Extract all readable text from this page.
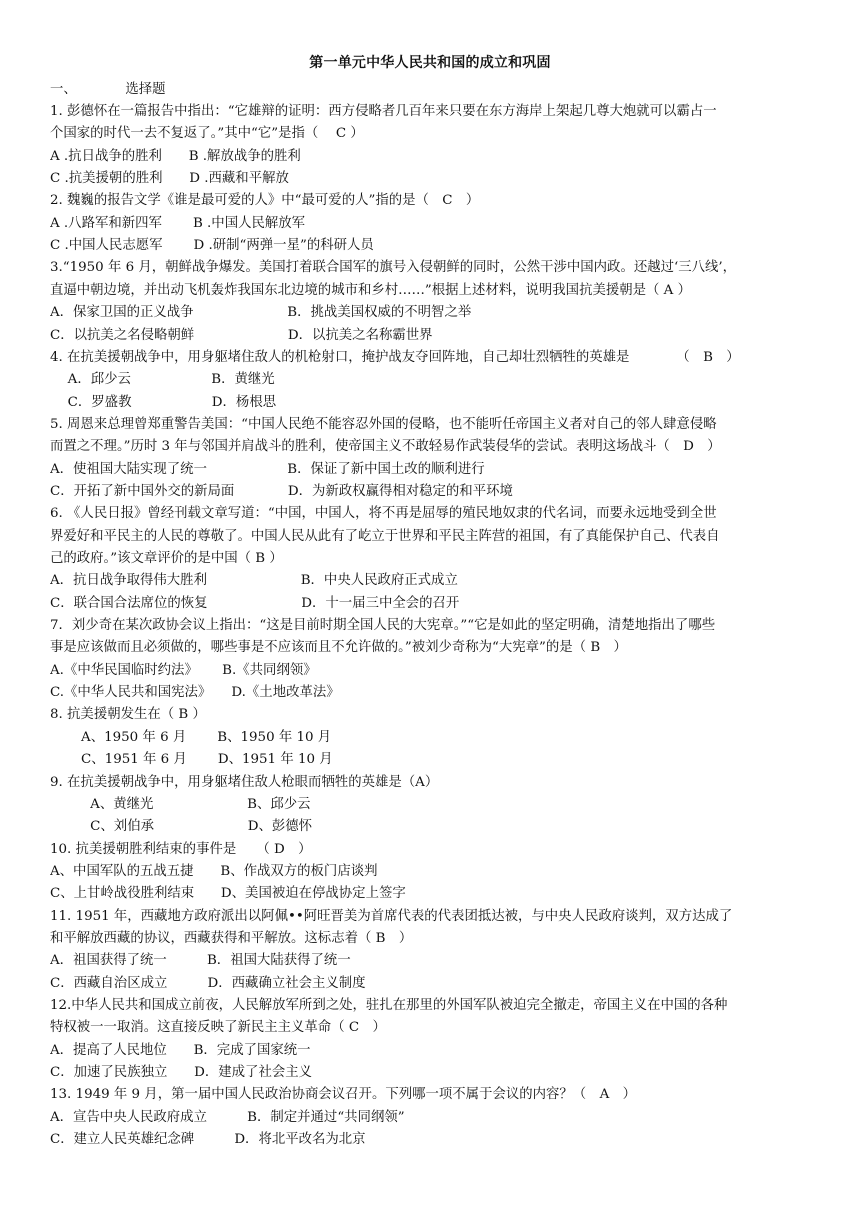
第一单元中华人民共和国的成立和巩固
一、	选择题
1. 彭德怀在一篇报告中指出：“它雄辩的证明：西方侵略者几百年来只要在东方海岸上架起几尊大炮就可以霸占一
个国家的时代一去不复返了。”其中“它”是指（　 C ）
A .抗日战争的胜利　　B .解放战争的胜利
C .抗美援朝的胜利　　D .西藏和平解放
2. 魏巍的报告文学《谁是最可爱的人》中“最可爱的人”指的是（　C　）
A .八路军和新四军　　 B .中国人民解放军
C .中国人民志愿军　　 D .研制“两弹一星”的科研人员
3.“1950 年 6 月，朝鲜战争爆发。美国打着联合国军的旗号入侵朝鲜的同时，公然干涉中国内政。还越过‘三八线’，
直逼中朝边境，并出动飞机轰炸我国东北边境的城市和乡村……”根据上述材料，说明我国抗美援朝是（ A ）
A．保家卫国的正义战争　　　　　　　B．挑战美国权威的不明智之举
C．以抗美之名侵略朝鲜　　　　　　　D．以抗美之名称霸世界
4. 在抗美援朝战争中，用身躯堵住敌人的机枪射口，掩护战友夺回阵地，自己却壮烈牺牲的英雄是　　　　（　B　）
　 A．邱少云　　　　　　B．黄继光
　 C．罗盛教　　　　　　D．杨根思
5. 周恩来总理曾郑重警告美国：“中国人民绝不能容忍外国的侵略，也不能听任帝国主义者对自己的邻人肆意侵略
而置之不理。”历时 3 年与邻国并肩战斗的胜利，使帝国主义不敢轻易作武装侵华的尝试。表明这场战斗（　D　）
A．使祖国大陆实现了统一　　　　　　B．保证了新中国土改的顺利进行
C．开拓了新中国外交的新局面　　　　D．为新政权赢得相对稳定的和平环境
6. 《人民日报》曾经刊载文章写道：“中国，中国人，将不再是屈辱的殖民地奴隶的代名词，而要永远地受到全世
界爱好和平民主的人民的尊敬了。中国人民从此有了屹立于世界和平民主阵营的祖国，有了真能保护自己、代表自
己的政府。”该文章评价的是中国（ B ）
A．抗日战争取得伟大胜利　　　　　　　B．中央人民政府正式成立
C．联合国合法席位的恢复　　　　　　　D．十一届三中全会的召开
7．刘少奇在某次政协会议上指出：“这是目前时期全国人民的大宪章。”“它是如此的坚定明确，清楚地指出了哪些
事是应该做而且必须做的，哪些事是不应该而且不允许做的。”被刘少奇称为“大宪章”的是（ B　）
A.《中华民国临时约法》　　 B.《共同纲领》
C.《中华人民共和国宪法》　　D.《土地改革法》
8. 抗美援朝发生在（ B ）
　　 A、1950 年 6 月　　 B、1950 年 10 月
　　 C、1951 年 6 月　　 D、1951 年 10 月
9. 在抗美援朝战争中，用身躯堵住敌人枪眼而牺牲的英雄是（A）
　　　A、黄继光　　　　　　　B、邱少云
　　　C、刘伯承　　　　　　　D、彭德怀
10. 抗美援朝胜利结束的事件是　　（ D　）
A、中国军队的五战五捷　　B、作战双方的板门店谈判
C、上甘岭战役胜利结束　　D、美国被迫在停战协定上签字
11. 1951 年，西藏地方政府派出以阿佩••阿旺晋美为首席代表的代表团抵达被，与中央人民政府谈判，双方达成了
和平解放西藏的协议，西藏获得和平解放。这标志着（ B　）
A．祖国获得了统一　　　B．祖国大陆获得了统一
C．西藏自治区成立　　　D．西藏确立社会主义制度
12.中华人民共和国成立前夜，人民解放军所到之处，驻扎在那里的外国军队被迫完全撤走，帝国主义在中国的各种
特权被一一取消。这直接反映了新民主主义革命（ C　）
A．提高了人民地位　　B．完成了国家统一
C．加速了民族独立　　D．建成了社会主义
13. 1949 年 9 月，第一届中国人民政治协商会议召开。下列哪一项不属于会议的内容？（　A　）
A．宣告中央人民政府成立　　　B．制定并通过“共同纲领”
C．建立人民英雄纪念碑　　　D．将北平改名为北京
